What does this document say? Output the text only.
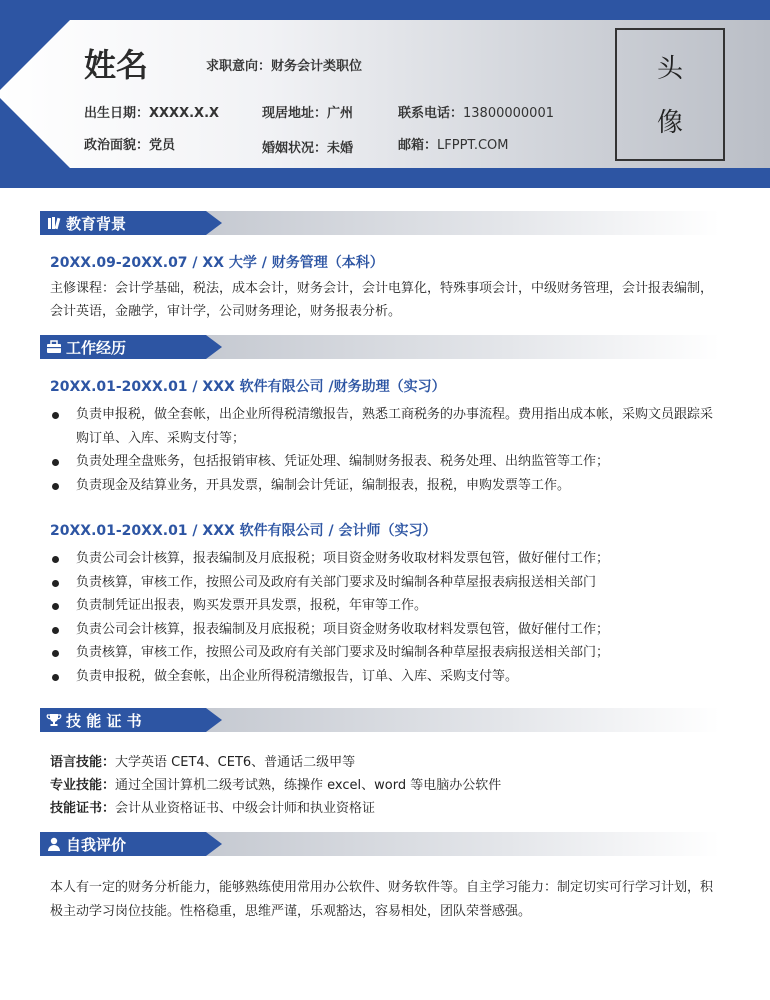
姓名	求职意向：财务会计类职位
出生日期：XXXX.X.X	现居地址：广州	联系电话：13800000001
政治面貌：党员	婚姻状况：未婚	邮箱：LFPPT.COM
头
像
教育背景
20XX.09-20XX.07 / XX 大学 / 财务管理（本科）
主修课程：会计学基础，税法，成本会计，财务会计，会计电算化，特殊事项会计，中级财务管理，会计报表编制，会计英语，金融学，审计学，公司财务理论，财务报表分析。
工作经历
20XX.01-20XX.01 / XXX 软件有限公司 /财务助理（实习）
负责申报税，做全套帐，出企业所得税清缴报告，熟悉工商税务的办事流程。费用指出成本帐，采购文员跟踪采购订单、入库、采购支付等；
负责处理全盘账务，包括报销审核、凭证处理、编制财务报表、税务处理、出纳监管等工作；
负责现金及结算业务，开具发票，编制会计凭证，编制报表，报税，申购发票等工作。
20XX.01-20XX.01 / XXX 软件有限公司 / 会计师（实习）
负责公司会计核算，报表编制及月底报税；项目资金财务收取材料发票包管，做好催付工作；
负责核算，审核工作，按照公司及政府有关部门要求及时编制各种草屋报表病报送相关部门
负责制凭证出报表，购买发票开具发票，报税，年审等工作。
负责公司会计核算，报表编制及月底报税；项目资金财务收取材料发票包管，做好催付工作；
负责核算，审核工作，按照公司及政府有关部门要求及时编制各种草屋报表病报送相关部门；
负责申报税，做全套帐，出企业所得税清缴报告，订单、入库、采购支付等。
技 能 证 书
语言技能：大学英语 CET4、CET6、普通话二级甲等
专业技能：通过全国计算机二级考试熟，练操作 excel、word 等电脑办公软件
技能证书：会计从业资格证书、中级会计师和执业资格证
自我评价
本人有一定的财务分析能力，能够熟练使用常用办公软件、财务软件等。自主学习能力：制定切实可行学习计划，积极主动学习岗位技能。性格稳重，思维严谨，乐观豁达，容易相处，团队荣誉感强。
